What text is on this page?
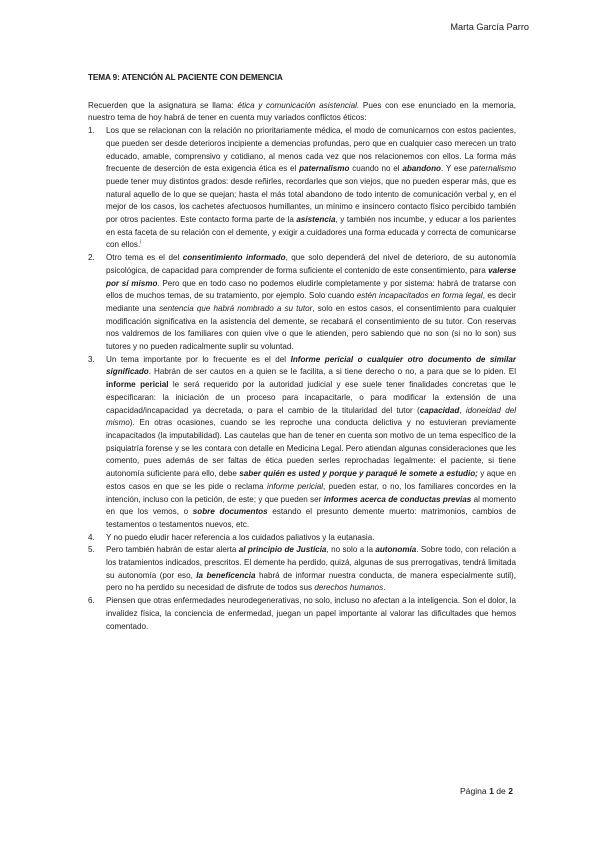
Marta García Parro

TEMA 9: ATENCIÓN AL PACIENTE CON DEMENCIA

Recuerden que la asignatura se llama: ética y comunicación asistencial. Pues con ese enunciado en la memoria, nuestro tema de hoy habrá de tener en cuenta muy variados conflictos éticos:

1. Los que se relacionan con la relación no prioritariamente médica, el modo de comunicarnos con estos pacientes, que pueden ser desde deterioros incipiente a demencias profundas, pero que en cualquier caso merecen un trato educado, amable, comprensivo y cotidiano, al menos cada vez que nos relacionemos con ellos. La forma más frecuente de deserción de esta exigencia ética es el paternalismo cuando no el abandono. Y ese paternalismo puede tener muy distintos grados: desde reñirles, recordarles que son viejos, que no pueden esperar más, que es natural aquello de lo que se quejan; hasta el más total abandono de todo intento de comunicación verbal y, en el mejor de los casos, los cachetes afectuosos humillantes, un mínimo e insincero contacto físico percibido también por otros pacientes. Este contacto forma parte de la asistencia, y también nos incumbe, y educar a los parientes en esta faceta de su relación con el demente, y exigir a cuidadores una forma educada y correcta de comunicarse con ellos.$^i$
2. Otro tema es el del consentimiento informado, que solo dependerá del nivel de deterioro, de su autonomía psicológica, de capacidad para comprender de forma suficiente el contenido de este consentimiento, para valerse por sí mismo. Pero que en todo caso no podemos eludirle completamente y por sistema: habrá de tratarse con ellos de muchos temas, de su tratamiento, por ejemplo. Solo cuando estén incapacitados en forma legal, es decir mediante una sentencia que habrá nombrado a su tutor, solo en estos casos, el consentimiento para cualquier modificación significativa en la asistencia del demente, se recabará el consentimiento de su tutor. Con reservas nos valdremos de los familiares con quien vive o que le atienden, pero sabiendo que no son (si no lo son) sus tutores y no pueden radicalmente suplir su voluntad.
3. Un tema importante por lo frecuente es el del Informe pericial o cualquier otro documento de similar significado. Habrán de ser cautos en a quien se le facilita, a si tiene derecho o no, a para que se lo piden. El informe pericial le será requerido por la autoridad judicial y ese suele tener finalidades concretas que le especificaran: la iniciación de un proceso para incapacitarle, o para modificar la extensión de una capacidad/incapacidad ya decretada, o para el cambio de la titularidad del tutor (capacidad, idoneidad del mismo). En otras ocasiones, cuando se les reproche una conducta delictiva y no estuvieran previamente incapacitados (la imputabilidad). Las cautelas que han de tener en cuenta son motivo de un tema específico de la psiquiatría forense y se les contara con detalle en Medicina Legal. Pero atiendan algunas consideraciones que les comento, pues además de ser faltas de ética pueden serles reprochadas legalmente: el paciente, si tiene autonomía suficiente para ello, debe saber quién es usted y porque y paraqué le somete a estudio; y aque en estos casos en que se les pide o reclama informe pericial, pueden estar, o no, los familiares concordes en la intención, incluso con la petición, de este; y que pueden ser informes acerca de conductas previas al momento en que los vemos, o sobre documentos estando el presunto demente muerto: matrimonios, cambios de testamentos o testamentos nuevos, etc.
4. Y no puedo eludir hacer referencia a los cuidados paliativos y la eutanasia.
5. Pero también habrán de estar alerta al principio de Justicia, no solo a la autonomía. Sobre todo, con relación a los tratamientos indicados, prescritos. El demente ha perdido, quizá, algunas de sus prerrogativas, tendrá limitada su autonomía (por eso, la beneficencia habrá de informar nuestra conducta, de manera especialmente sutil), pero no ha perdido su necesidad de disfrute de todos sus derechos humanos.
6. Piensen que otras enfermedades neurodegenerativas, no solo, incluso no afectan a la inteligencia. Son el dolor, la invalidez física, la conciencia de enfermedad, juegan un papel importante al valorar las dificultades que hemos comentado.
Página 1 de 2
